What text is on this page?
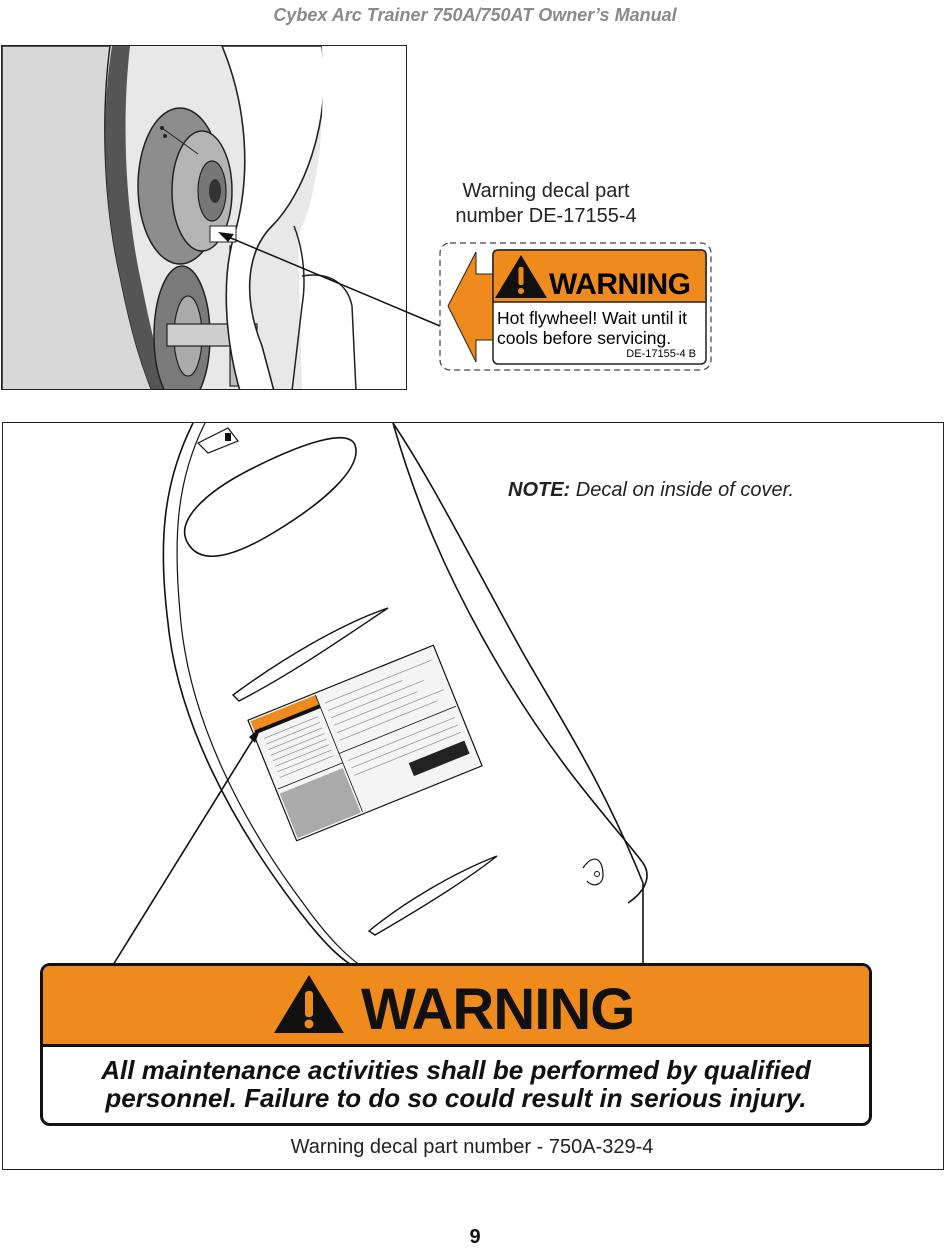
Cybex Arc Trainer 750A/750AT Owner’s Manual
Warning decal part number DE-17155-4
WARNING
Hot flywheel! Wait until it cools before servicing.
DE-17155-4 B
NOTE: Decal on inside of cover.
WARNING
All maintenance activities shall be performed by qualified personnel. Failure to do so could result in serious injury.
Warning decal part number - 750A-329-4
9
